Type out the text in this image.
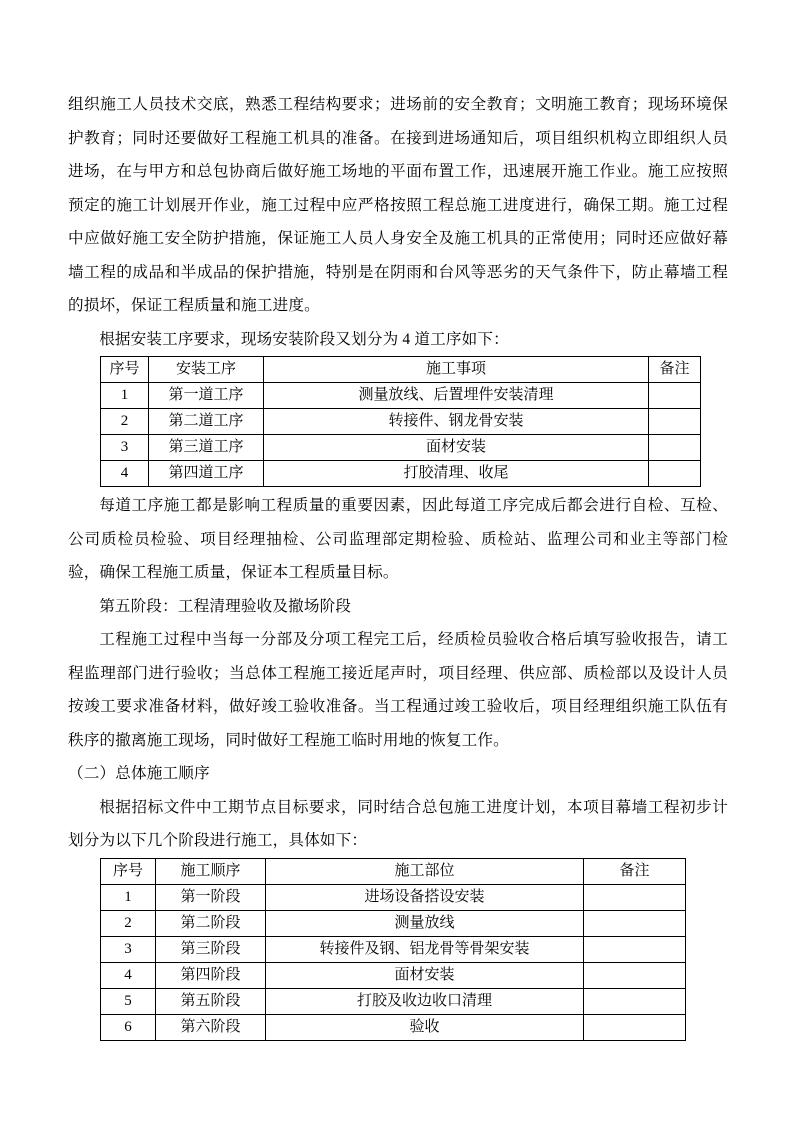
组织施工人员技术交底，熟悉工程结构要求；进场前的安全教育；文明施工教育；现场环境保护教育；同时还要做好工程施工机具的准备。在接到进场通知后，项目组织机构立即组织人员进场，在与甲方和总包协商后做好施工场地的平面布置工作，迅速展开施工作业。施工应按照预定的施工计划展开作业，施工过程中应严格按照工程总施工进度进行，确保工期。施工过程中应做好施工安全防护措施，保证施工人员人身安全及施工机具的正常使用；同时还应做好幕墙工程的成品和半成品的保护措施，特别是在阴雨和台风等恶劣的天气条件下，防止幕墙工程的损坏，保证工程质量和施工进度。

根据安装工序要求，现场安装阶段又划分为 4 道工序如下：

序号	安装工序	施工事项	备注
1	第一道工序	测量放线、后置埋件安装清理	
2	第二道工序	转接件、钢龙骨安装	
3	第三道工序	面材安装	
4	第四道工序	打胶清理、收尾	

每道工序施工都是影响工程质量的重要因素，因此每道工序完成后都会进行自检、互检、公司质检员检验、项目经理抽检、公司监理部定期检验、质检站、监理公司和业主等部门检验，确保工程施工质量，保证本工程质量目标。

第五阶段：工程清理验收及撤场阶段

工程施工过程中当每一分部及分项工程完工后，经质检员验收合格后填写验收报告，请工程监理部门进行验收；当总体工程施工接近尾声时，项目经理、供应部、质检部以及设计人员按竣工要求准备材料，做好竣工验收准备。当工程通过竣工验收后，项目经理组织施工队伍有秩序的撤离施工现场，同时做好工程施工临时用地的恢复工作。

（二）总体施工顺序

根据招标文件中工期节点目标要求，同时结合总包施工进度计划，本项目幕墙工程初步计划分为以下几个阶段进行施工，具体如下：

序号	施工顺序	施工部位	备注
1	第一阶段	进场设备搭设安装	
2	第二阶段	测量放线	
3	第三阶段	转接件及钢、铝龙骨等骨架安装	
4	第四阶段	面材安装	
5	第五阶段	打胶及收边收口清理	
6	第六阶段	验收	
